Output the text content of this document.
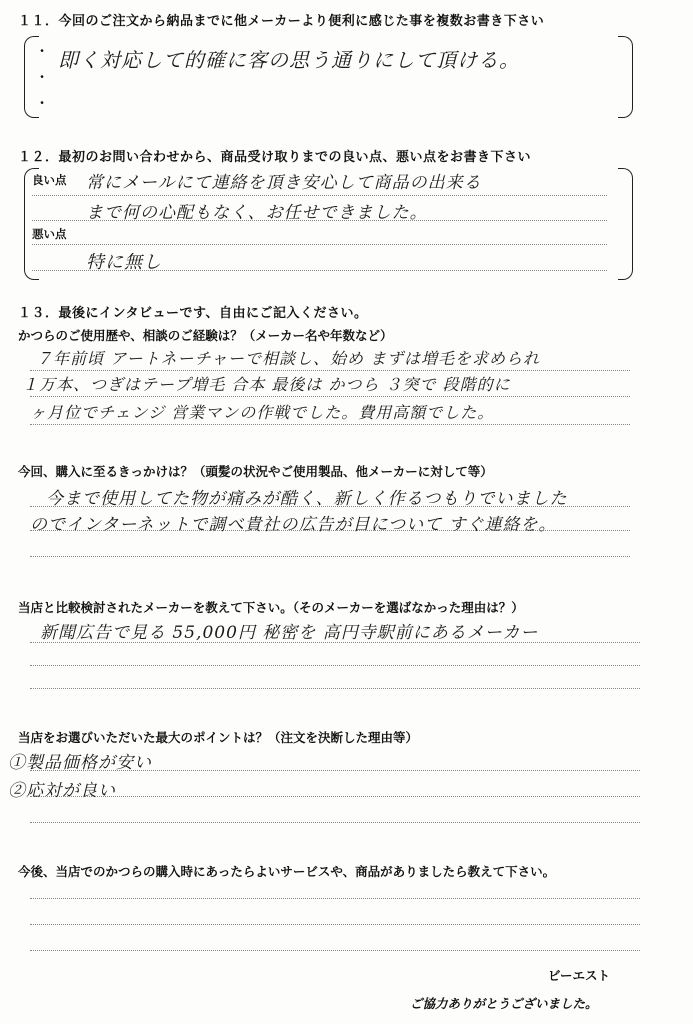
１１．今回のご注文から納品までに他メーカーより便利に感じた事を複数お書き下さい
・
・
・
即く対応して的確に客の思う通りにして頂ける。
１２．最初のお問い合わせから、商品受け取りまでの良い点、悪い点をお書き下さい
良い点 常にメールにて連絡を頂き安心して商品の出来る
まで何の心配もなく、お任せできました。
悪い点
特に無し
１３．最後にインタビューです、自由にご記入ください。
かつらのご使用歴や、相談のご経験は？（メーカー名や年数など）
７年前頃 アートネーチャーで相談し、始め まずは増毛を求められ
１万本、つぎはテープ増毛 合本 最後は かつら ３突で 段階的に
ヶ月位でチェンジ 営業マンの作戦でした。費用高額でした。
今回、購入に至るきっかけは？（頭髪の状況やご使用製品、他メーカーに対して等）
今まで使用してた物が痛みが酷く、新しく作るつもりでいました
のでインターネットで調べ貴社の広告が目について すぐ連絡を。
当店と比較検討されたメーカーを教えて下さい。（そのメーカーを選ばなかった理由は？）
新聞広告で見る 55,000円 秘密を 高円寺駅前にあるメーカー
当店をお選びいただいた最大のポイントは？（注文を決断した理由等）
①製品価格が安い
②応対が良い
今後、当店でのかつらの購入時にあったらよいサービスや、商品がありましたら教えて下さい。
ビーエスト
ご協力ありがとうございました。
